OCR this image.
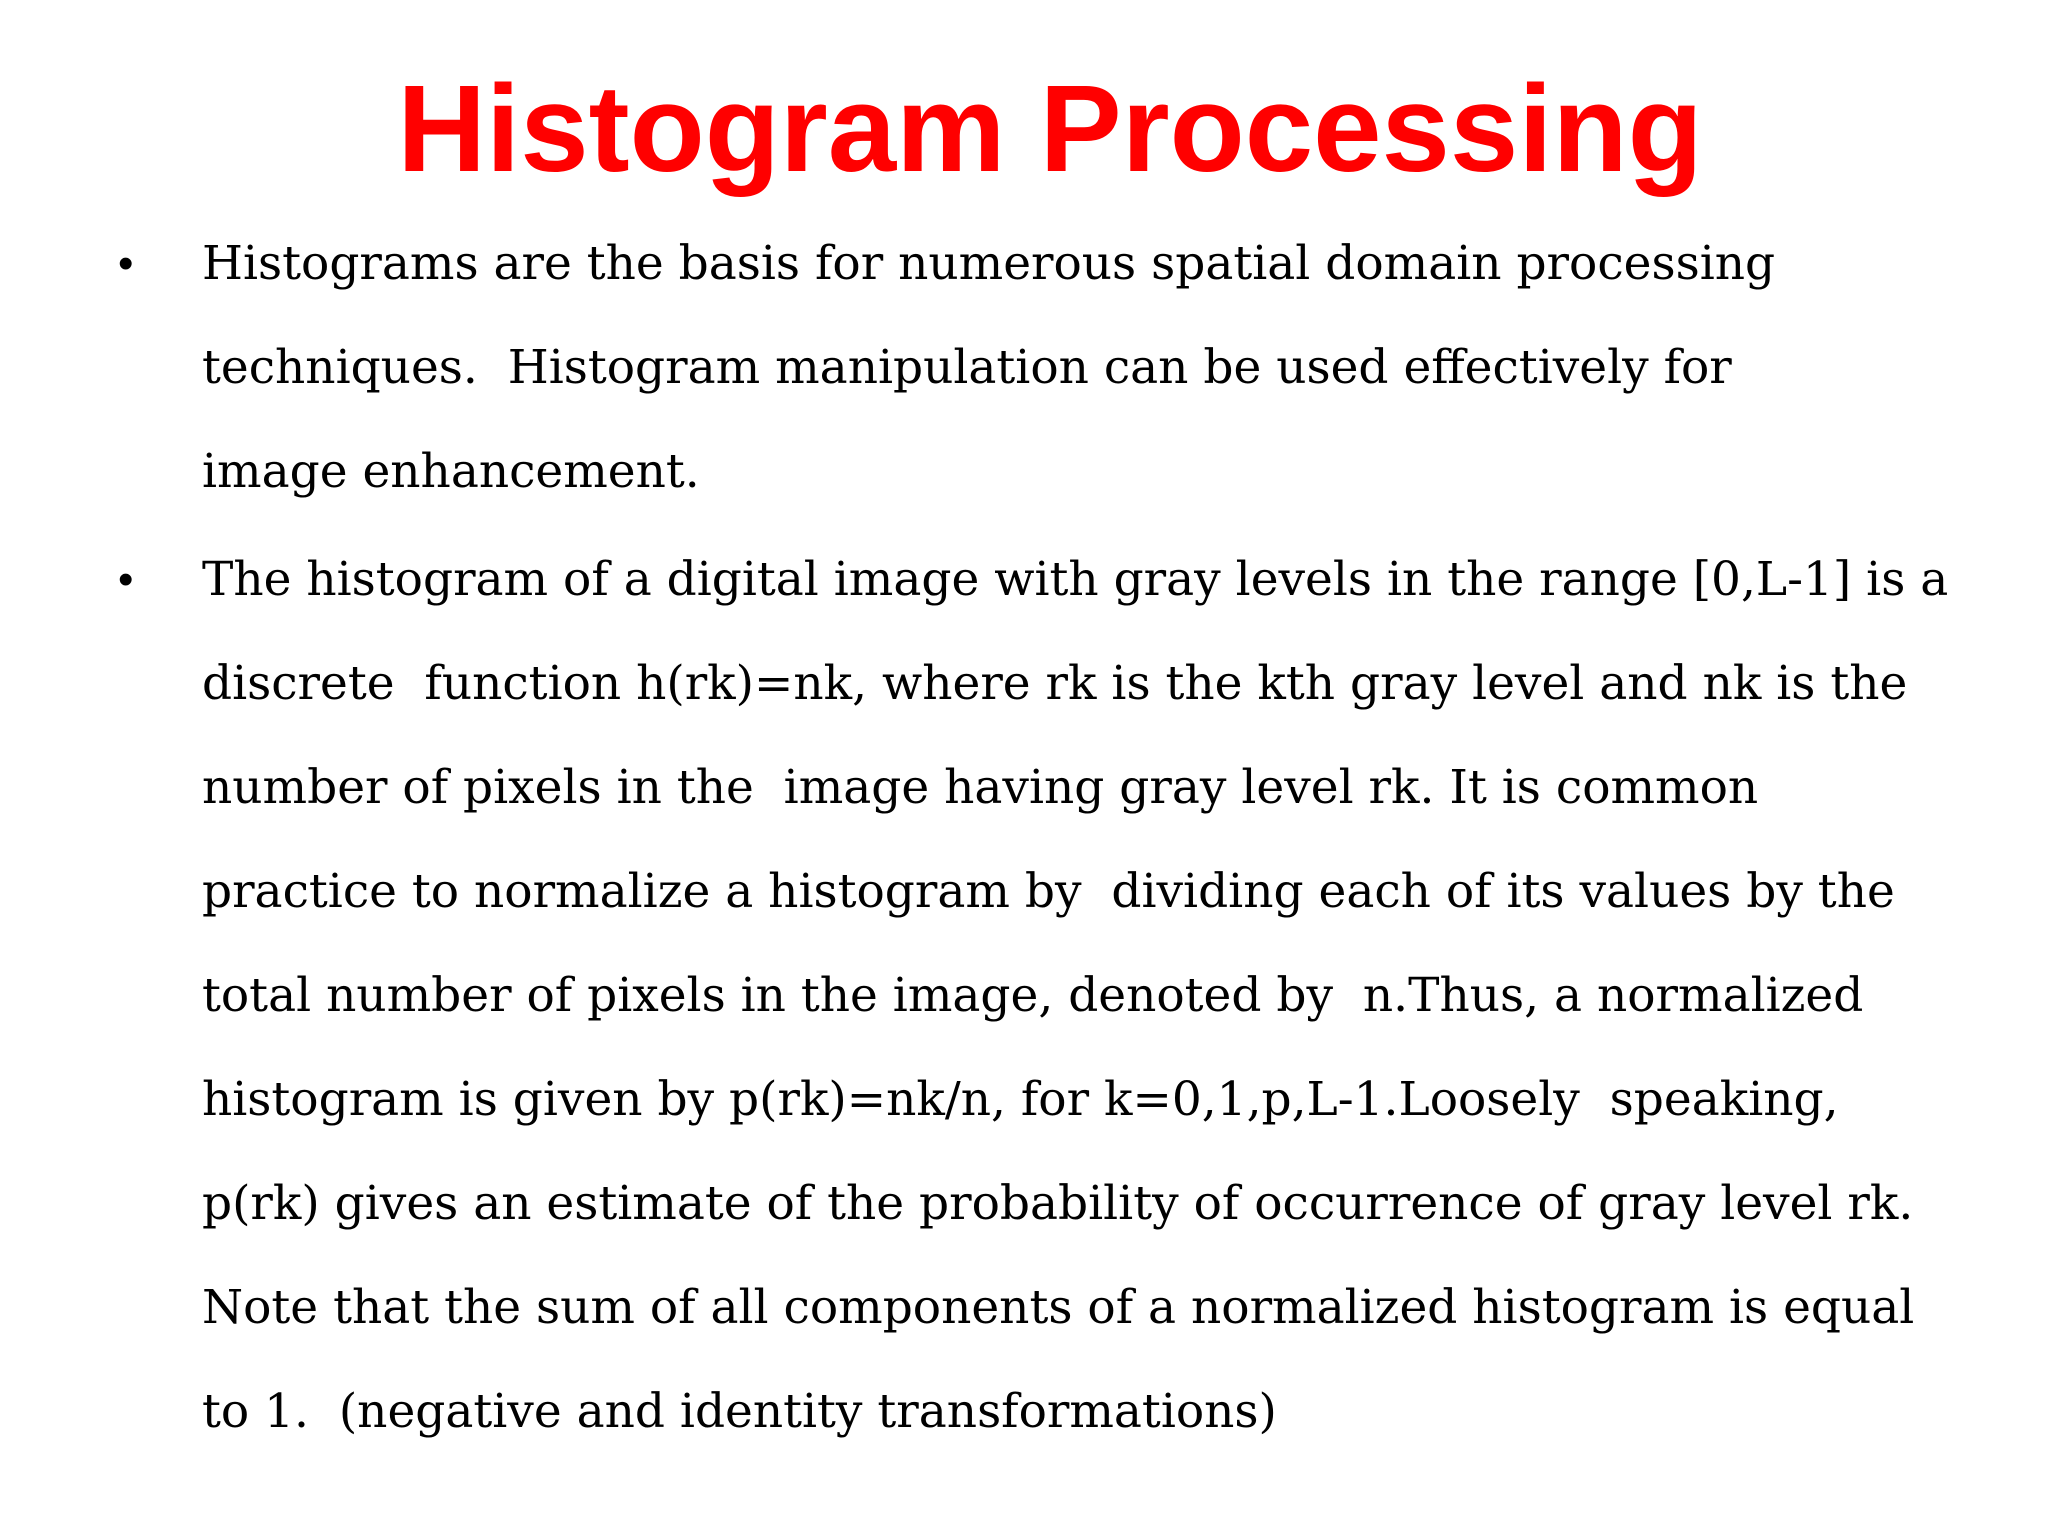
Histogram Processing
•	Histograms are the basis for numerous spatial domain processing
techniques.  Histogram manipulation can be used effectively for
image enhancement.
•	The histogram of a digital image with gray levels in the range [0,L-1] is a
discrete  function h(rk)=nk, where rk is the kth gray level and nk is the
number of pixels in the  image having gray level rk. It is common
practice to normalize a histogram by  dividing each of its values by the
total number of pixels in the image, denoted by  n.Thus, a normalized
histogram is given by p(rk)=nk/n, for k=0,1,p,L-1.Loosely  speaking,
p(rk) gives an estimate of the probability of occurrence of gray level rk.
Note that the sum of all components of a normalized histogram is equal
to 1.  (negative and identity transformations)
